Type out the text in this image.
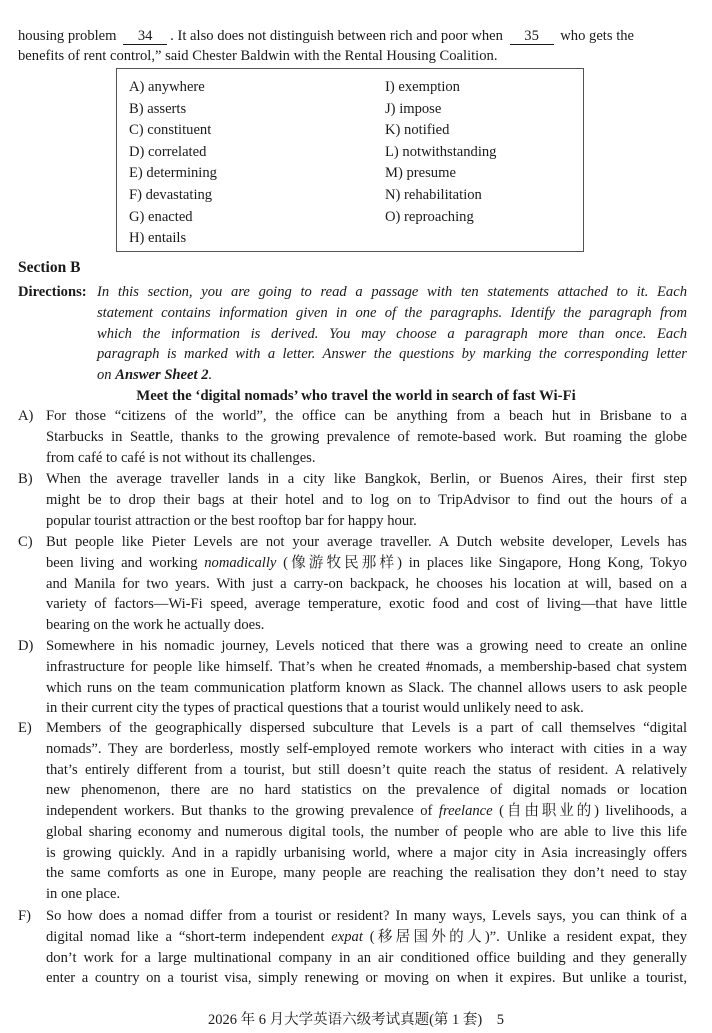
housing problem 34 . It also does not distinguish between rich and poor when 35 who gets the
benefits of rent control,” said Chester Baldwin with the Rental Housing Coalition.
A) anywhere
B) asserts
C) constituent
D) correlated
E) determining
F) devastating
G) enacted
H) entails
I) exemption
J) impose
K) notified
L) notwithstanding
M) presume
N) rehabilitation
O) reproaching
Section B
Directions: In this section, you are going to read a passage with ten statements attached to it. Each
statement contains information given in one of the paragraphs. Identify the paragraph from
which the information is derived. You may choose a paragraph more than once. Each
paragraph is marked with a letter. Answer the questions by marking the corresponding letter
on Answer Sheet 2.
Meet the ‘digital nomads’ who travel the world in search of fast Wi-Fi
A) For those “citizens of the world”, the office can be anything from a beach hut in Brisbane to a
Starbucks in Seattle, thanks to the growing prevalence of remote-based work. But roaming the globe
from café to café is not without its challenges.
B) When the average traveller lands in a city like Bangkok, Berlin, or Buenos Aires, their first step
might be to drop their bags at their hotel and to log on to TripAdvisor to find out the hours of a
popular tourist attraction or the best rooftop bar for happy hour.
C) But people like Pieter Levels are not your average traveller. A Dutch website developer, Levels has
been living and working nomadically (像游牧民那样) in places like Singapore, Hong Kong, Tokyo
and Manila for two years. With just a carry-on backpack, he chooses his location at will, based on a
variety of factors—Wi-Fi speed, average temperature, exotic food and cost of living—that have little
bearing on the work he actually does.
D) Somewhere in his nomadic journey, Levels noticed that there was a growing need to create an online
infrastructure for people like himself. That’s when he created #nomads, a membership-based chat system
which runs on the team communication platform known as Slack. The channel allows users to ask people
in their current city the types of practical questions that a tourist would unlikely need to ask.
E) Members of the geographically dispersed subculture that Levels is a part of call themselves “digital
nomads”. They are borderless, mostly self-employed remote workers who interact with cities in a way
that’s entirely different from a tourist, but still doesn’t quite reach the status of resident. A relatively
new phenomenon, there are no hard statistics on the prevalence of digital nomads or location
independent workers. But thanks to the growing prevalence of freelance (自由职业的) livelihoods, a
global sharing economy and numerous digital tools, the number of people who are able to live this life
is growing quickly. And in a rapidly urbanising world, where a major city in Asia increasingly offers
the same comforts as one in Europe, many people are reaching the realisation they don’t need to stay
in one place.
F) So how does a nomad differ from a tourist or resident? In many ways, Levels says, you can think of a
digital nomad like a “short-term independent expat (移居国外的人)”. Unlike a resident expat, they
don’t work for a large multinational company in an air conditioned office building and they generally
enter a country on a tourist visa, simply renewing or moving on when it expires. But unlike a tourist,
2026 年 6 月大学英语六级考试真题(第 1 套)　5
